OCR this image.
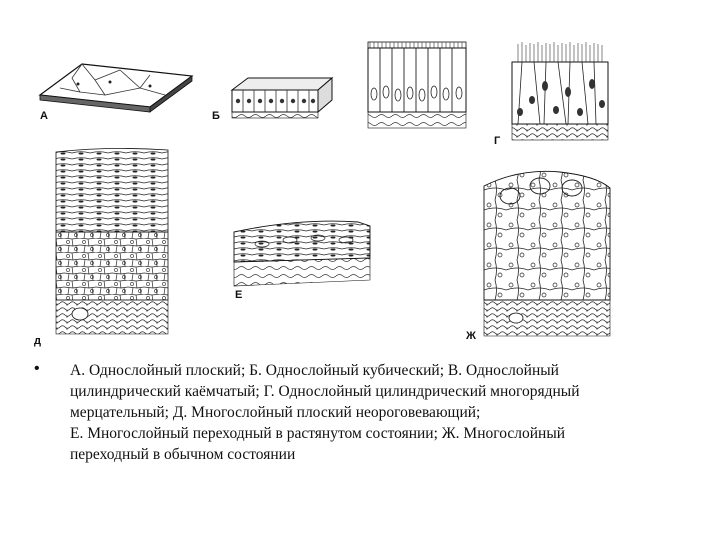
А	Б
Г
д
Е
Ж
• А. Однослойный плоский; Б. Однослойный кубический; В. Однослойный
цилиндрический каёмчатый; Г. Однослойный цилиндрический многорядный
мерцательный; Д. Многослойный плоский неороговевающий;
Е. Многослойный переходный в растянутом состоянии; Ж. Многослойный
переходный в обычном состоянии
